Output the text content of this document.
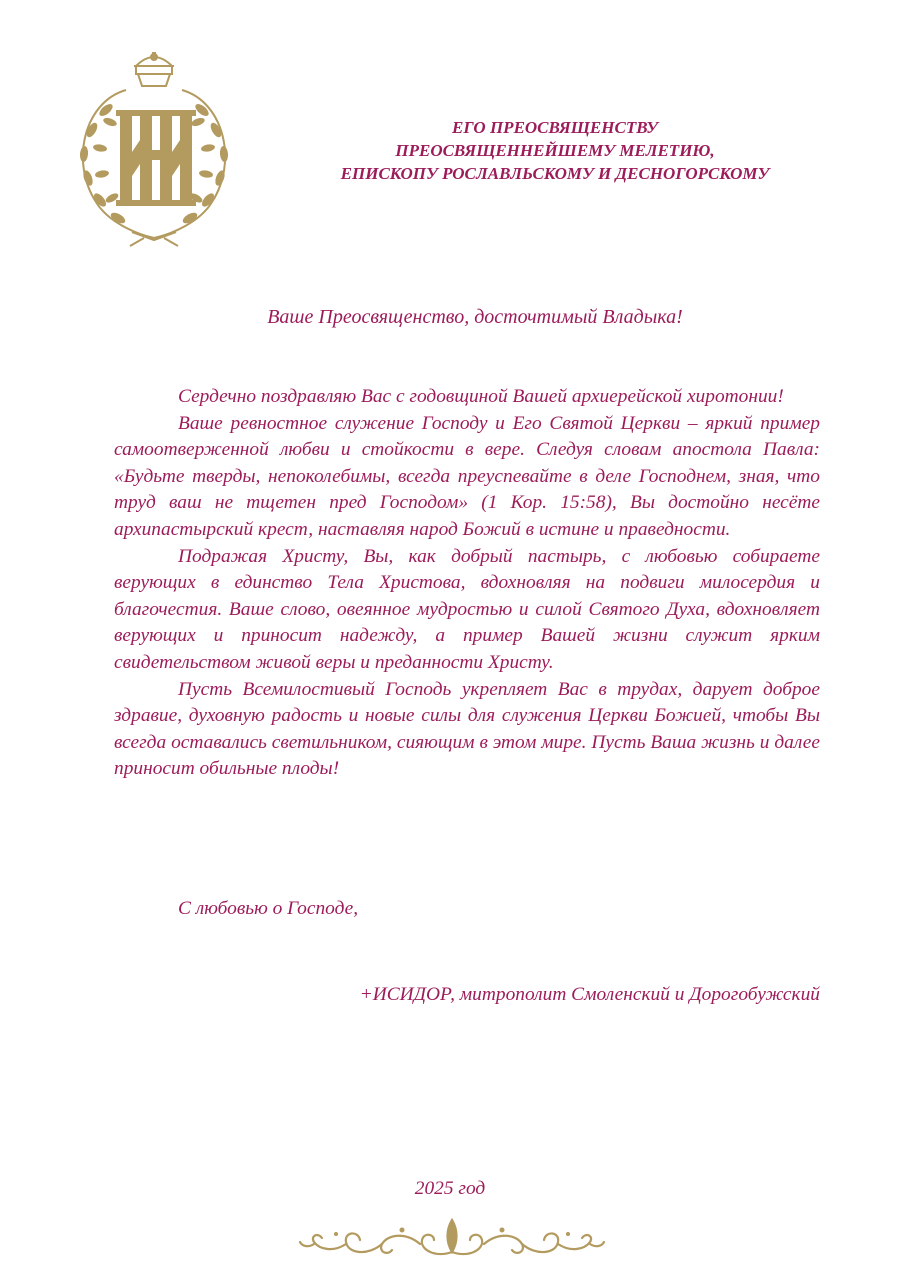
ЕГО ПРЕОСВЯЩЕНСТВУ
ПРЕОСВЯЩЕННЕЙШЕМУ МЕЛЕТИЮ,
ЕПИСКОПУ РОСЛАВЛЬСКОМУ И ДЕСНОГОРСКОМУ
Ваше Преосвященство, досточтимый Владыка!

Сердечно поздравляю Вас с годовщиной Вашей архиерейской хиротонии!

Ваше ревностное служение Господу и Его Святой Церкви – яркий пример самоотверженной любви и стойкости в вере. Следуя словам апостола Павла: «Будьте тверды, непоколебимы, всегда преуспевайте в деле Господнем, зная, что труд ваш не тщетен пред Господом» (1 Кор. 15:58), Вы достойно несёте архипастырский крест, наставляя народ Божий в истине и праведности.

Подражая Христу, Вы, как добрый пастырь, с любовью собираете верующих в единство Тела Христова, вдохновляя на подвиги милосердия и благочестия. Ваше слово, овеянное мудростью и силой Святого Духа, вдохновляет верующих и приносит надежду, а пример Вашей жизни служит ярким свидетельством живой веры и преданности Христу.

Пусть Всемилостивый Господь укрепляет Вас в трудах, дарует доброе здравие, духовную радость и новые силы для служения Церкви Божией, чтобы Вы всегда оставались светильником, сияющим в этом мире. Пусть Ваша жизнь и далее приносит обильные плоды!

С любовью о Господе,
+ИСИДОР, митрополит Смоленский и Дорогобужский
2025 год
